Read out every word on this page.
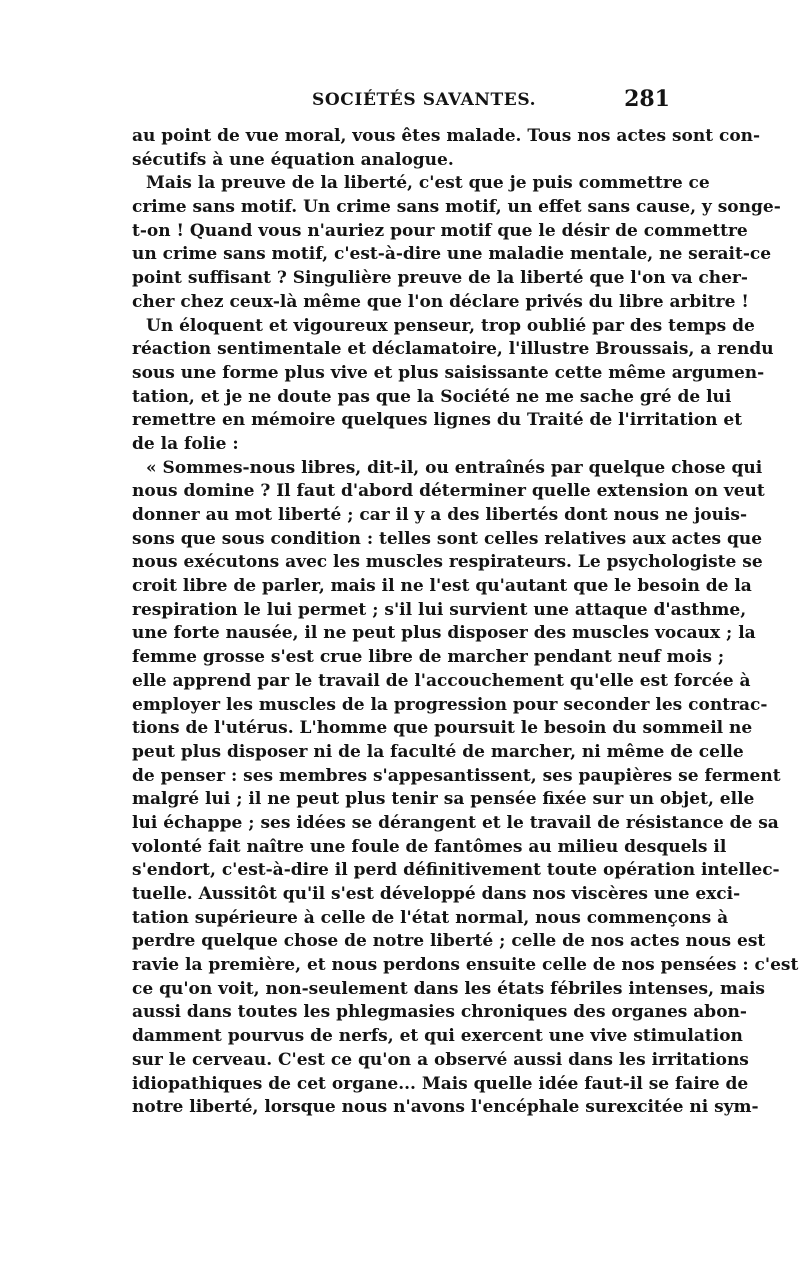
SOCIÉTÉS SAVANTES.	281
au point de vue moral, vous êtes malade. Tous nos actes sont con-
sécutifs à une équation analogue.
Mais la preuve de la liberté, c'est que je puis commettre ce
crime sans motif. Un crime sans motif, un effet sans cause, y songe-
t-on ! Quand vous n'auriez pour motif que le désir de commettre
un crime sans motif, c'est-à-dire une maladie mentale, ne serait-ce
point suffisant ? Singulière preuve de la liberté que l'on va cher-
cher chez ceux-là même que l'on déclare privés du libre arbitre !
Un éloquent et vigoureux penseur, trop oublié par des temps de
réaction sentimentale et déclamatoire, l'illustre Broussais, a rendu
sous une forme plus vive et plus saisissante cette même argumen-
tation, et je ne doute pas que la Société ne me sache gré de lui
remettre en mémoire quelques lignes du Traité de l'irritation et
de la folie :
« Sommes-nous libres, dit-il, ou entraînés par quelque chose qui
nous domine ? Il faut d'abord déterminer quelle extension on veut
donner au mot liberté ; car il y a des libertés dont nous ne jouis-
sons que sous condition : telles sont celles relatives aux actes que
nous exécutons avec les muscles respirateurs. Le psychologiste se
croit libre de parler, mais il ne l'est qu'autant que le besoin de la
respiration le lui permet ; s'il lui survient une attaque d'asthme,
une forte nausée, il ne peut plus disposer des muscles vocaux ; la
femme grosse s'est crue libre de marcher pendant neuf mois ;
elle apprend par le travail de l'accouchement qu'elle est forcée à
employer les muscles de la progression pour seconder les contrac-
tions de l'utérus. L'homme que poursuit le besoin du sommeil ne
peut plus disposer ni de la faculté de marcher, ni même de celle
de penser : ses membres s'appesantissent, ses paupières se ferment
malgré lui ; il ne peut plus tenir sa pensée fixée sur un objet, elle
lui échappe ; ses idées se dérangent et le travail de résistance de sa
volonté fait naître une foule de fantômes au milieu desquels il
s'endort, c'est-à-dire il perd définitivement toute opération intellec-
tuelle. Aussitôt qu'il s'est développé dans nos viscères une exci-
tation supérieure à celle de l'état normal, nous commençons à
perdre quelque chose de notre liberté ; celle de nos actes nous est
ravie la première, et nous perdons ensuite celle de nos pensées : c'est
ce qu'on voit, non-seulement dans les états fébriles intenses, mais
aussi dans toutes les phlegmasies chroniques des organes abon-
damment pourvus de nerfs, et qui exercent une vive stimulation
sur le cerveau. C'est ce qu'on a observé aussi dans les irritations
idiopathiques de cet organe... Mais quelle idée faut-il se faire de
notre liberté, lorsque nous n'avons l'encéphale surexcitée ni sym-
